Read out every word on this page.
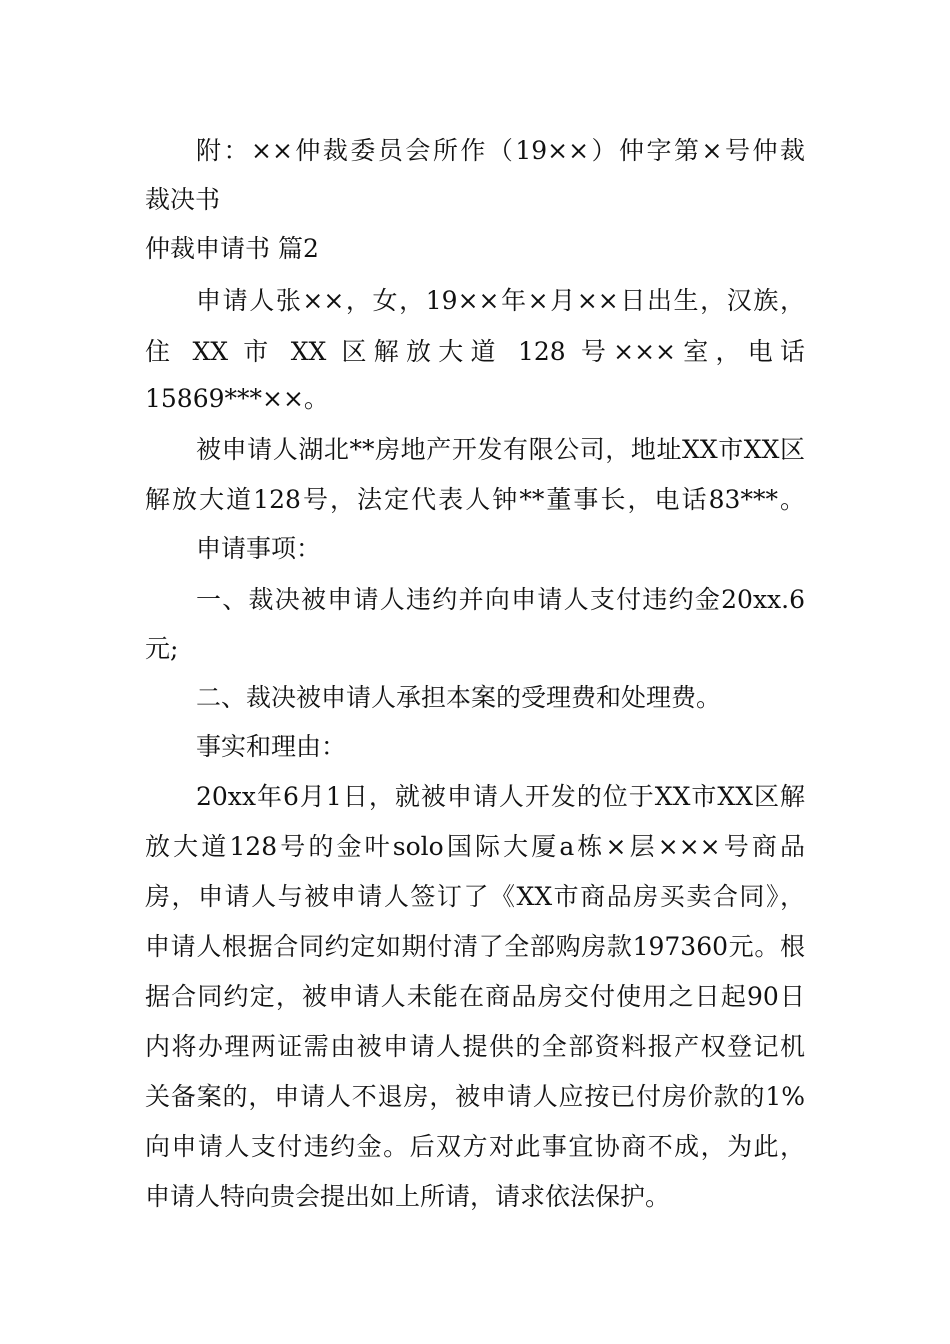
附：××仲裁委员会所作（19××）仲字第×号仲裁
裁决书
仲裁申请书 篇2
申请人张××，女，19××年×月××日出生，汉族，
住 XX 市 XX 区解放大道 128 号×××室，电话
15869***××。
被申请人湖北**房地产开发有限公司，地址XX市XX区
解放大道128号，法定代表人钟**董事长，电话83***。
申请事项：
一、裁决被申请人违约并向申请人支付违约金20xx.6
元;
二、裁决被申请人承担本案的受理费和处理费。
事实和理由：
20xx年6月1日，就被申请人开发的位于XX市XX区解
放大道128号的金叶solo国际大厦a栋×层×××号商品
房，申请人与被申请人签订了《XX市商品房买卖合同》，
申请人根据合同约定如期付清了全部购房款197360元。根
据合同约定，被申请人未能在商品房交付使用之日起90日
内将办理两证需由被申请人提供的全部资料报产权登记机
关备案的，申请人不退房，被申请人应按已付房价款的1%
向申请人支付违约金。后双方对此事宜协商不成，为此，
申请人特向贵会提出如上所请，请求依法保护。
